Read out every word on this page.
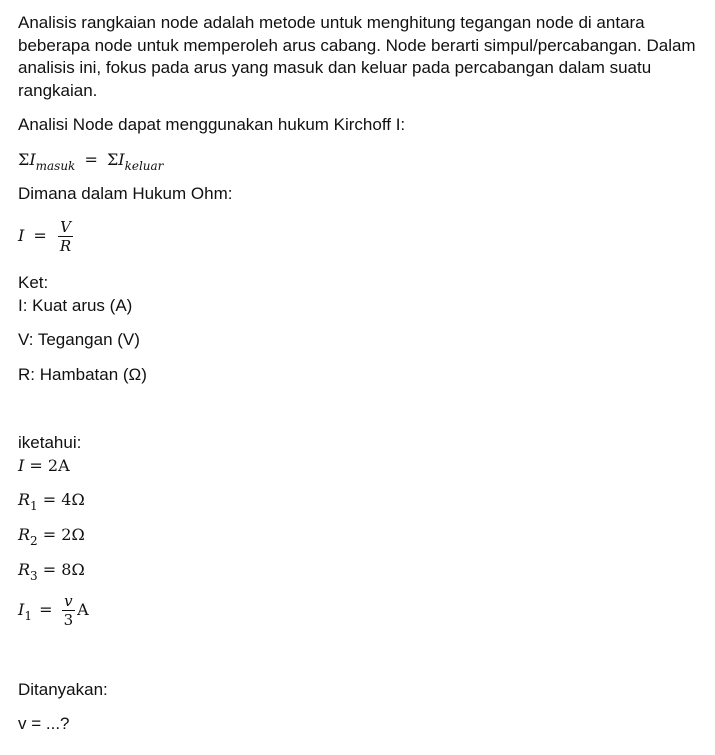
Analisis rangkaian node adalah metode untuk menghitung tegangan node di antara beberapa node untuk memperoleh arus cabang. Node berarti simpul/percabangan. Dalam analisis ini, fokus pada arus yang masuk dan keluar pada percabangan dalam suatu rangkaian.

Analisi Node dapat menggunakan hukum Kirchoff I:

$\Sigma I_{masuk} = \Sigma I_{keluar}$

Dimana dalam Hukum Ohm:

$I = \frac{V}{R}$

Ket:

I: Kuat arus (A)

V: Tegangan (V)

R: Hambatan (Ω)

iketahui:

I = 2A
$R_1 = 4\Omega$
$R_2 = 2\Omega$
$R_3 = 8\Omega$
$I_1 = \frac{v}{3}$ A

Ditanyakan:

v = ...?
